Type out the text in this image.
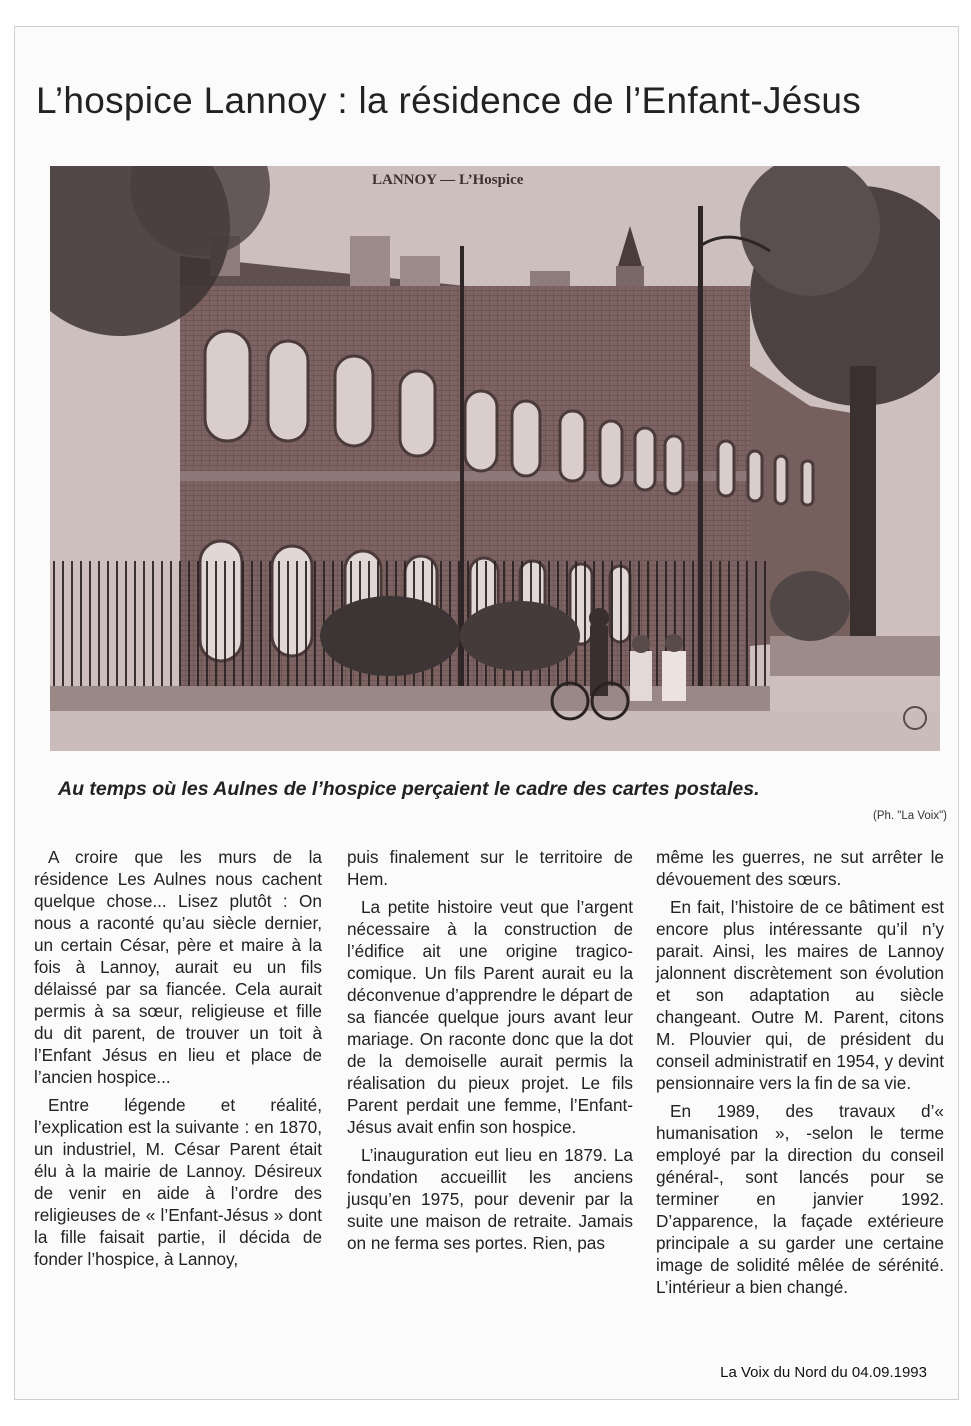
L’hospice Lannoy : la résidence de l’Enfant-Jésus
LANNOY — L’Hospice
Au temps où les Aulnes de l’hospice perçaient le cadre des cartes postales.
(Ph. "La Voix")

A croire que les murs de la résidence Les Aulnes nous cachent quelque chose... Lisez plutôt : On nous a raconté qu’au siècle dernier, un certain César, père et maire à la fois à Lannoy, aurait eu un fils délaissé par sa fiancée. Cela aurait permis à sa sœur, religieuse et fille du dit parent, de trouver un toit à l’Enfant Jésus en lieu et place de l’ancien hospice...

Entre légende et réalité, l’explication est la suivante : en 1870, un industriel, M. César Parent était élu à la mairie de Lannoy. Désireux de venir en aide à l’ordre des religieuses de « l’Enfant-Jésus » dont la fille faisait partie, il décida de fonder l’hospice, à Lannoy,

puis finalement sur le territoire de Hem.

La petite histoire veut que l’argent nécessaire à la construction de l’édifice ait une origine tragico-comique. Un fils Parent aurait eu la déconvenue d’apprendre le départ de sa fiancée quelque jours avant leur mariage. On raconte donc que la dot de la demoiselle aurait permis la réalisation du pieux projet. Le fils Parent perdait une femme, l’Enfant-Jésus avait enfin son hospice.

L’inauguration eut lieu en 1879. La fondation accueillit les anciens jusqu’en 1975, pour devenir par la suite une maison de retraite. Jamais on ne ferma ses portes. Rien, pas

même les guerres, ne sut arrêter le dévouement des sœurs.

En fait, l’histoire de ce bâtiment est encore plus intéressante qu’il n’y parait. Ainsi, les maires de Lannoy jalonnent discrètement son évolution et son adaptation au siècle changeant. Outre M. Parent, citons M. Plouvier qui, de président du conseil administratif en 1954, y devint pensionnaire vers la fin de sa vie.

En 1989, des travaux d’« humanisation », -selon le terme employé par la direction du conseil général-, sont lancés pour se terminer en janvier 1992. D’apparence, la façade extérieure principale a su garder une certaine image de solidité mêlée de sérénité. L’intérieur a bien changé.

La Voix du Nord du 04.09.1993
